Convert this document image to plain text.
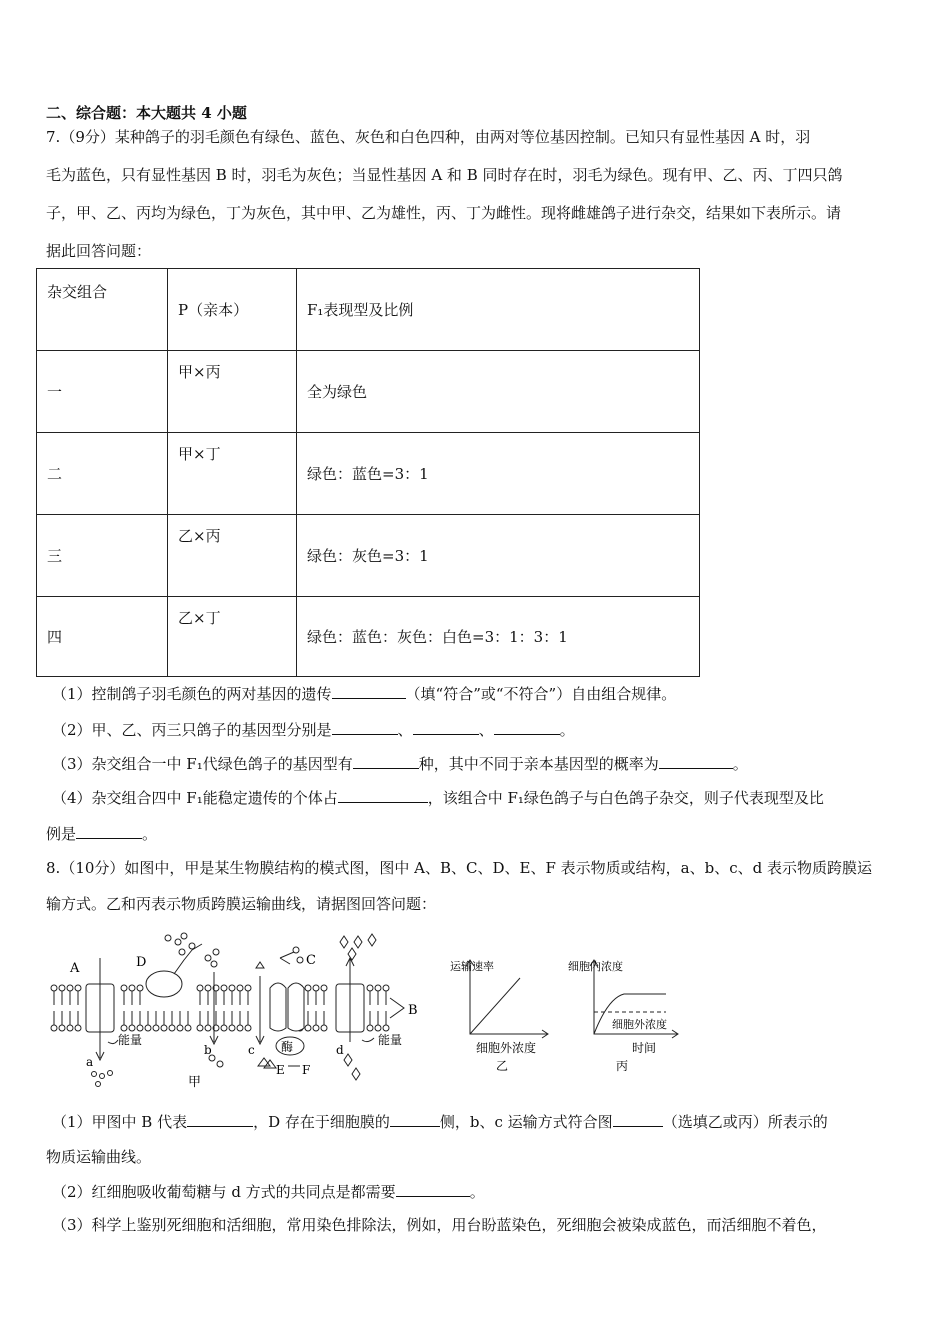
二、综合题：本大题共 4 小题
7.（9分）某种鸽子的羽毛颜色有绿色、蓝色、灰色和白色四种，由两对等位基因控制。已知只有显性基因 A 时，羽
毛为蓝色，只有显性基因 B 时，羽毛为灰色；当显性基因 A 和 B 同时存在时，羽毛为绿色。现有甲、乙、丙、丁四只鸽
子，甲、乙、丙均为绿色，丁为灰色，其中甲、乙为雄性，丙、丁为雌性。现将雌雄鸽子进行杂交，结果如下表所示。请
据此回答问题：
杂交组合	P（亲本）	F₁表现型及比例
一	甲×丙	全为绿色
二	甲×丁	绿色：蓝色=3：1
三	乙×丙	绿色：灰色=3：1
四	乙×丁	绿色：蓝色：灰色：白色=3：1：3：1
（1）控制鸽子羽毛颜色的两对基因的遗传	（填“符合”或“不符合”）自由组合规律。
（2）甲、乙、丙三只鸽子的基因型分别是	、	、	。
（3）杂交组合一中 F₁代绿色鸽子的基因型有	种，其中不同于亲本基因型的概率为	。
（4）杂交组合四中 F₁能稳定遗传的个体占	，该组合中 F₁绿色鸽子与白色鸽子杂交，则子代表现型及比
例是	。
8.（10分）如图中，甲是某生物膜结构的模式图，图中 A、B、C、D、E、F 表示物质或结构，a、b、c、d 表示物质跨膜运
输方式。乙和丙表示物质跨膜运输曲线，请据图回答问题：
A
a
能量
D
b	c
C
酶
E F
d
能量
B
甲
运输速率
细胞外浓度
乙
细胞内浓度
细胞外浓度
时间
丙
（1）甲图中 B 代表	，D 存在于细胞膜的	侧，b、c 运输方式符合图	（选填乙或丙）所表示的
物质运输曲线。
（2）红细胞吸收葡萄糖与 d 方式的共同点是都需要	。
（3）科学上鉴别死细胞和活细胞，常用染色排除法，例如，用台盼蓝染色，死细胞会被染成蓝色，而活细胞不着色，
